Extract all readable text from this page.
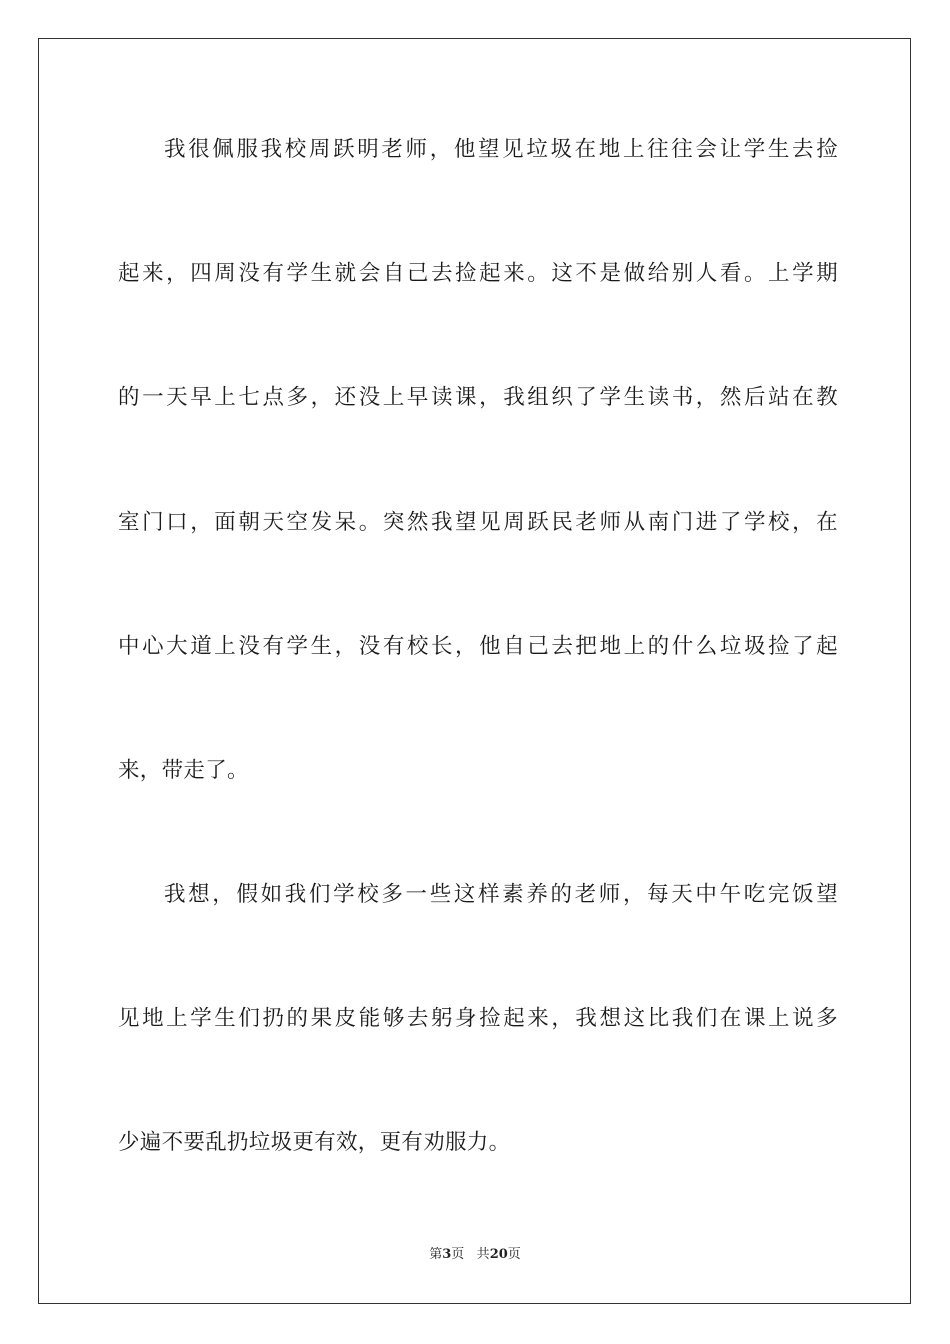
我很佩服我校周跃明老师，他望见垃圾在地上往往会让学生去捡
起来，四周没有学生就会自己去捡起来。这不是做给别人看。上学期
的一天早上七点多，还没上早读课，我组织了学生读书，然后站在教
室门口，面朝天空发呆。突然我望见周跃民老师从南门进了学校，在
中心大道上没有学生，没有校长，他自己去把地上的什么垃圾捡了起
来，带走了。
我想，假如我们学校多一些这样素养的老师，每天中午吃完饭望
见地上学生们扔的果皮能够去躬身捡起来，我想这比我们在课上说多
少遍不要乱扔垃圾更有效，更有劝服力。
第3页 共20页
